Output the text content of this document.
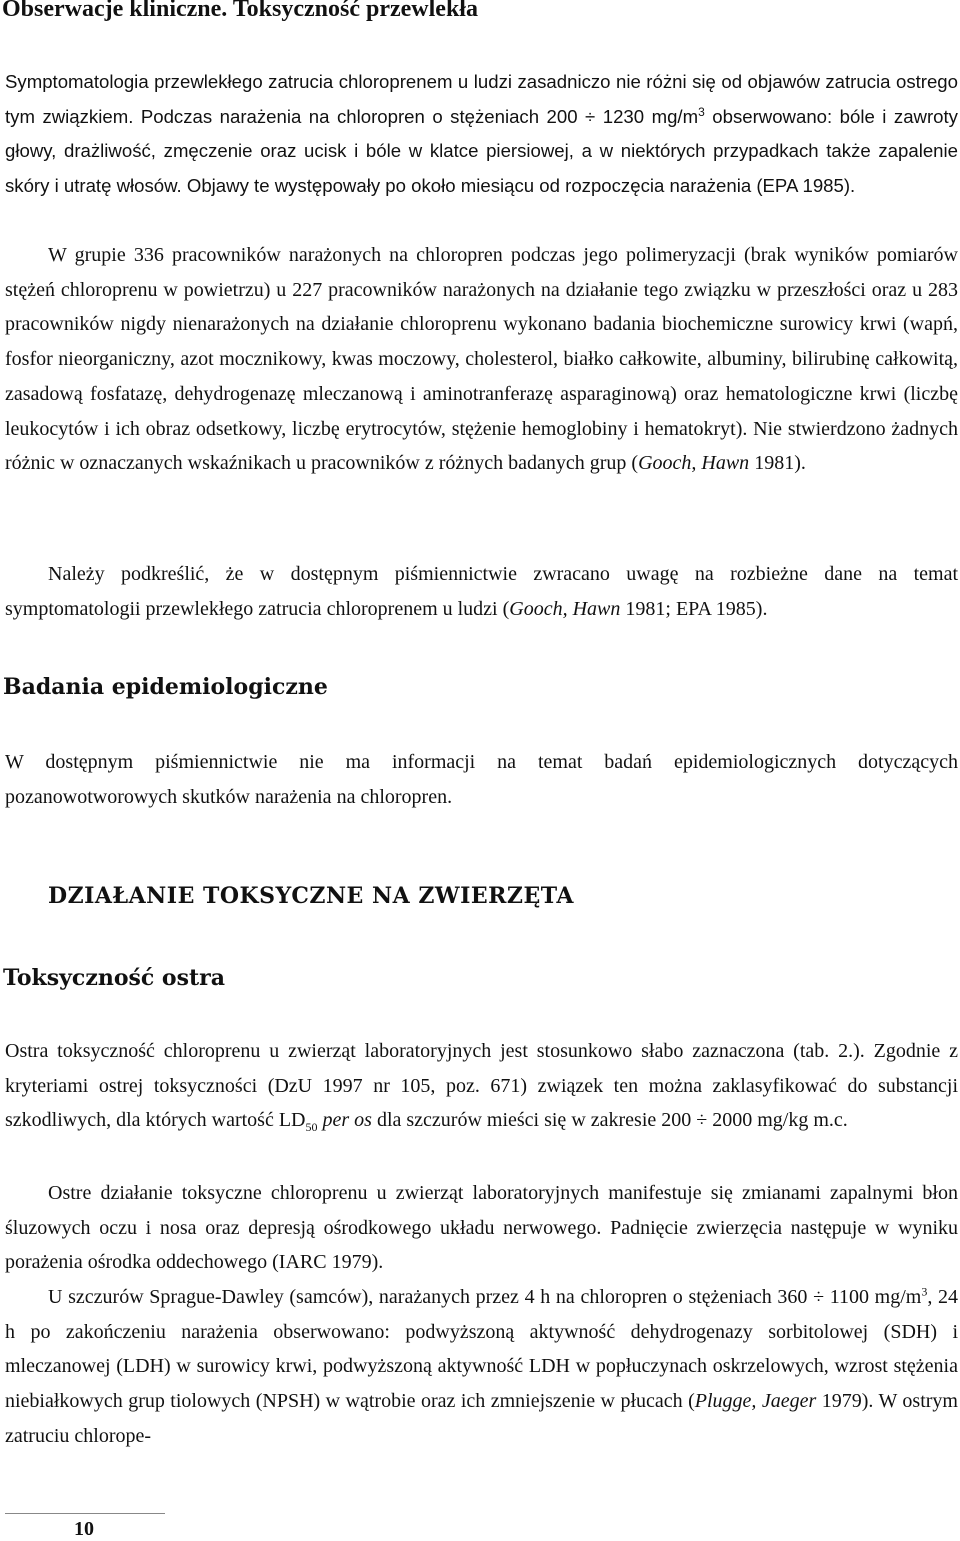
Obserwacje kliniczne. Toksyczność przewlekła

Symptomatologia przewlekłego zatrucia chloroprenem u ludzi zasadniczo nie różni się od objawów zatrucia ostrego tym związkiem. Podczas narażenia na chloropren o stężeniach 200 ÷ 1230 $mg/m^3$ obserwowano: bóle i zawroty głowy, drażliwość, zmęczenie oraz ucisk i bóle w klatce piersiowej, a w niektórych przypadkach także zapalenie skóry i utratę włosów. Objawy te występowały po około miesiącu od rozpoczęcia narażenia (EPA 1985).

W grupie 336 pracowników narażonych na chloropren podczas jego polimeryzacji (brak wyników pomiarów stężeń chloroprenu w powietrzu) u 227 pracowników narażonych na działanie tego związku w przeszłości oraz u 283 pracowników nigdy nienarażonych na działanie chloroprenu wykonano badania biochemiczne surowicy krwi (wapń, fosfor nieorganiczny, azot mocznikowy, kwas moczowy, cholesterol, białko całkowite, albuminy, bilirubinę całkowitą, zasadową fosfatazę, dehydrogenazę mleczanową i aminotranferazę asparaginową) oraz hematologiczne krwi (liczbę leukocytów i ich obraz odsetkowy, liczbę erytrocytów, stężenie hemoglobiny i hematokryt). Nie stwierdzono żadnych różnic w oznaczanych wskaźnikach u pracowników z różnych badanych grup (Gooch, Hawn 1981).

Należy podkreślić, że w dostępnym piśmiennictwie zwracano uwagę na rozbieżne dane na temat symptomatologii przewlekłego zatrucia chloroprenem u ludzi (Gooch, Hawn 1981; EPA 1985).

Badania epidemiologiczne

W dostępnym piśmiennictwie nie ma informacji na temat badań epidemiologicznych dotyczących pozanowotworowych skutków narażenia na chloropren.

DZIAŁANIE TOKSYCZNE NA ZWIERZĘTA
Toksyczność ostra

Ostra toksyczność chloroprenu u zwierząt laboratoryjnych jest stosunkowo słabo zaznaczona (tab. 2.). Zgodnie z kryteriami ostrej toksyczności (DzU 1997 nr 105, poz. 671) związek ten można zaklasyfikować do substancji szkodliwych, dla których wartość $LD_{50}$ per os dla szczurów mieści się w zakresie 200 ÷ 2000 mg/kg m.c.

Ostre działanie toksyczne chloroprenu u zwierząt laboratoryjnych manifestuje się zmianami zapalnymi błon śluzowych oczu i nosa oraz depresją ośrodkowego układu nerwowego. Padnięcie zwierzęcia następuje w wyniku porażenia ośrodka oddechowego (IARC 1979).

U szczurów Sprague-Dawley (samców), narażanych przez 4 h na chloropren o stężeniach 360 ÷ 1100 $mg/m^3$, 24 h po zakończeniu narażenia obserwowano: podwyższoną aktywność dehydrogenazy sorbitolowej (SDH) i mleczanowej (LDH) w surowicy krwi, podwyższoną aktywność LDH w popłuczynach oskrzelowych, wzrost stężenia niebiałkowych grup tiolowych (NPSH) w wątrobie oraz ich zmniejszenie w płucach (Plugge, Jaeger 1979). W ostrym zatruciu chlorope-

10
